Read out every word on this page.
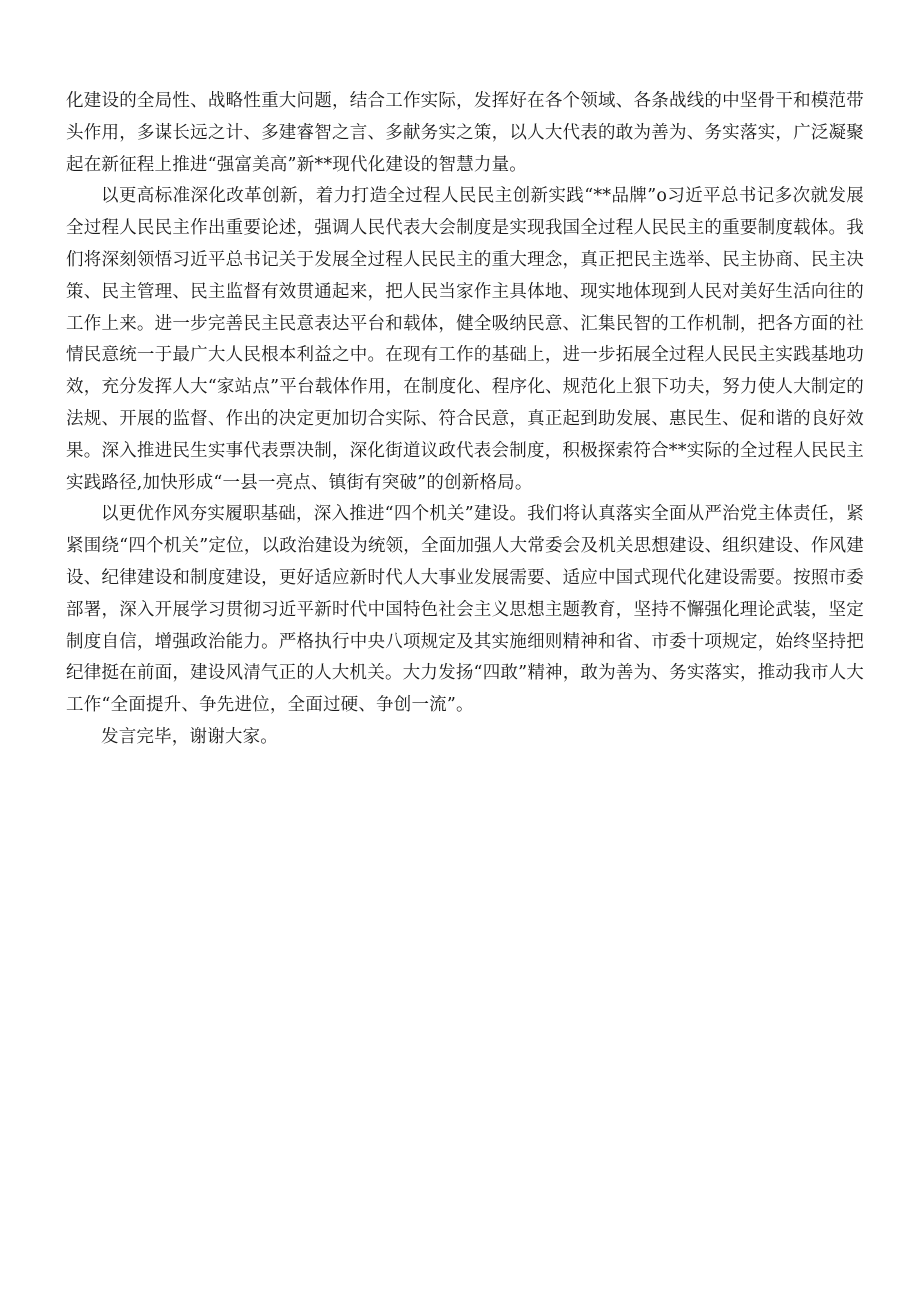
化建设的全局性、战略性重大问题，结合工作实际，发挥好在各个领域、各条战线的中坚骨干和模范带头作用，多谋长远之计、多建睿智之言、多献务实之策，以人大代表的敢为善为、务实落实，广泛凝聚起在新征程上推进“强富美高”新**现代化建设的智慧力量。

以更高标准深化改革创新，着力打造全过程人民民主创新实践“**品牌”o习近平总书记多次就发展全过程人民民主作出重要论述，强调人民代表大会制度是实现我国全过程人民民主的重要制度载体。我们将深刻领悟习近平总书记关于发展全过程人民民主的重大理念，真正把民主选举、民主协商、民主决策、民主管理、民主监督有效贯通起来，把人民当家作主具体地、现实地体现到人民对美好生活向往的工作上来。进一步完善民主民意表达平台和载体，健全吸纳民意、汇集民智的工作机制，把各方面的社情民意统一于最广大人民根本利益之中。在现有工作的基础上，进一步拓展全过程人民民主实践基地功效，充分发挥人大“家站点”平台载体作用，在制度化、程序化、规范化上狠下功夫，努力使人大制定的法规、开展的监督、作出的决定更加切合实际、符合民意，真正起到助发展、惠民生、促和谐的良好效果。深入推进民生实事代表票决制，深化街道议政代表会制度，积极探索符合**实际的全过程人民民主实践路径,加快形成“一县一亮点、镇街有突破”的创新格局。

以更优作风夯实履职基础，深入推进“四个机关”建设。我们将认真落实全面从严治党主体责任，紧紧围绕“四个机关”定位，以政治建设为统领，全面加强人大常委会及机关思想建设、组织建设、作风建设、纪律建设和制度建设，更好适应新时代人大事业发展需要、适应中国式现代化建设需要。按照市委部署，深入开展学习贯彻习近平新时代中国特色社会主义思想主题教育，坚持不懈强化理论武装，坚定制度自信，增强政治能力。严格执行中央八项规定及其实施细则精神和省、市委十项规定，始终坚持把纪律挺在前面，建设风清气正的人大机关。大力发扬“四敢”精神，敢为善为、务实落实，推动我市人大工作“全面提升、争先进位，全面过硬、争创一流”。

发言完毕，谢谢大家。
